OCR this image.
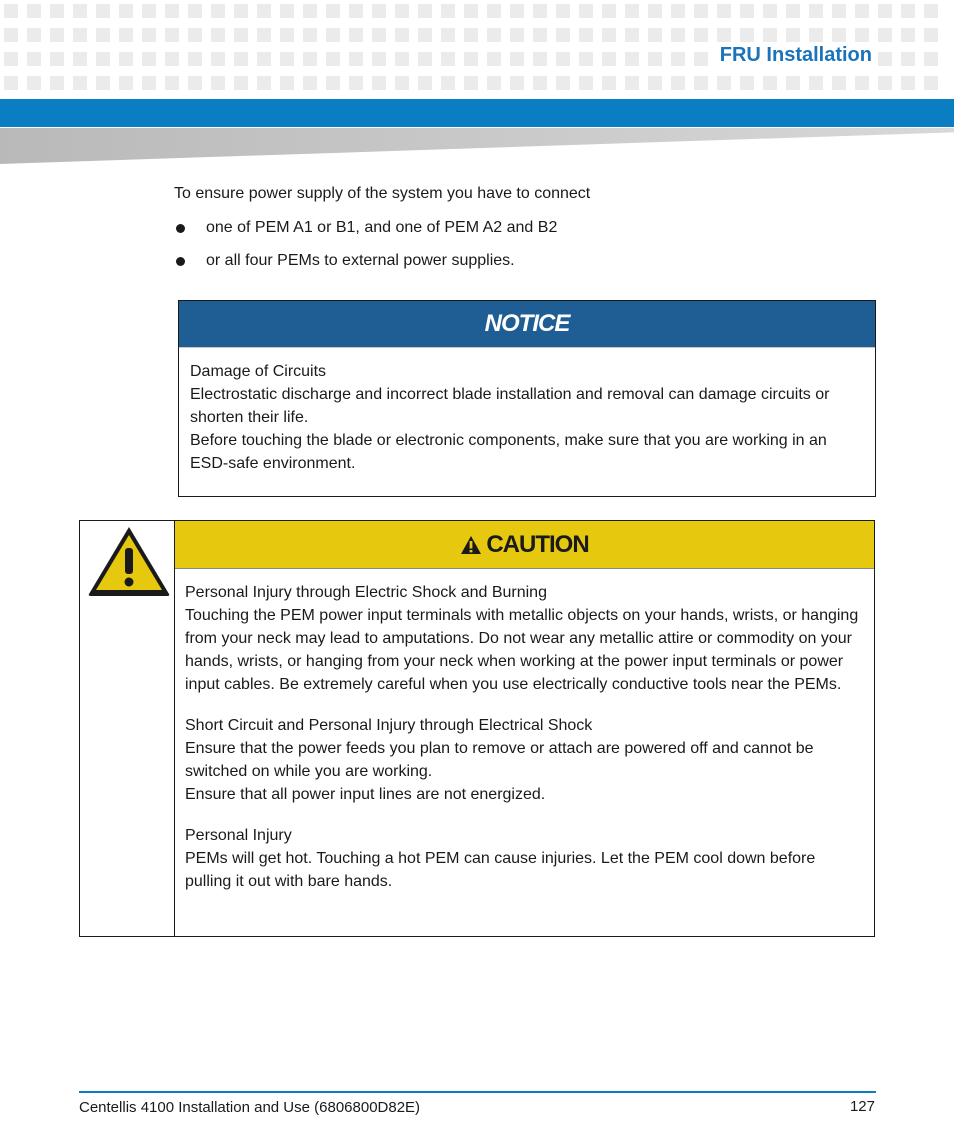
FRU Installation
To ensure power supply of the system you have to connect
one of PEM A1 or B1, and one of PEM A2 and B2
or all four PEMs to external power supplies.
NOTICE
Damage of Circuits
Electrostatic discharge and incorrect blade installation and removal can damage circuits or shorten their life.
Before touching the blade or electronic components, make sure that you are working in an ESD-safe environment.
CAUTION

Personal Injury through Electric Shock and Burning
Touching the PEM power input terminals with metallic objects on your hands, wrists, or hanging from your neck may lead to amputations. Do not wear any metallic attire or commodity on your hands, wrists, or hanging from your neck when working at the power input terminals or power input cables. Be extremely careful when you use electrically conductive tools near the PEMs.

Short Circuit and Personal Injury through Electrical Shock
Ensure that the power feeds you plan to remove or attach are powered off and cannot be switched on while you are working.
Ensure that all power input lines are not energized.

Personal Injury
PEMs will get hot. Touching a hot PEM can cause injuries. Let the PEM cool down before pulling it out with bare hands.

Centellis 4100 Installation and Use (6806800D82E)	127
